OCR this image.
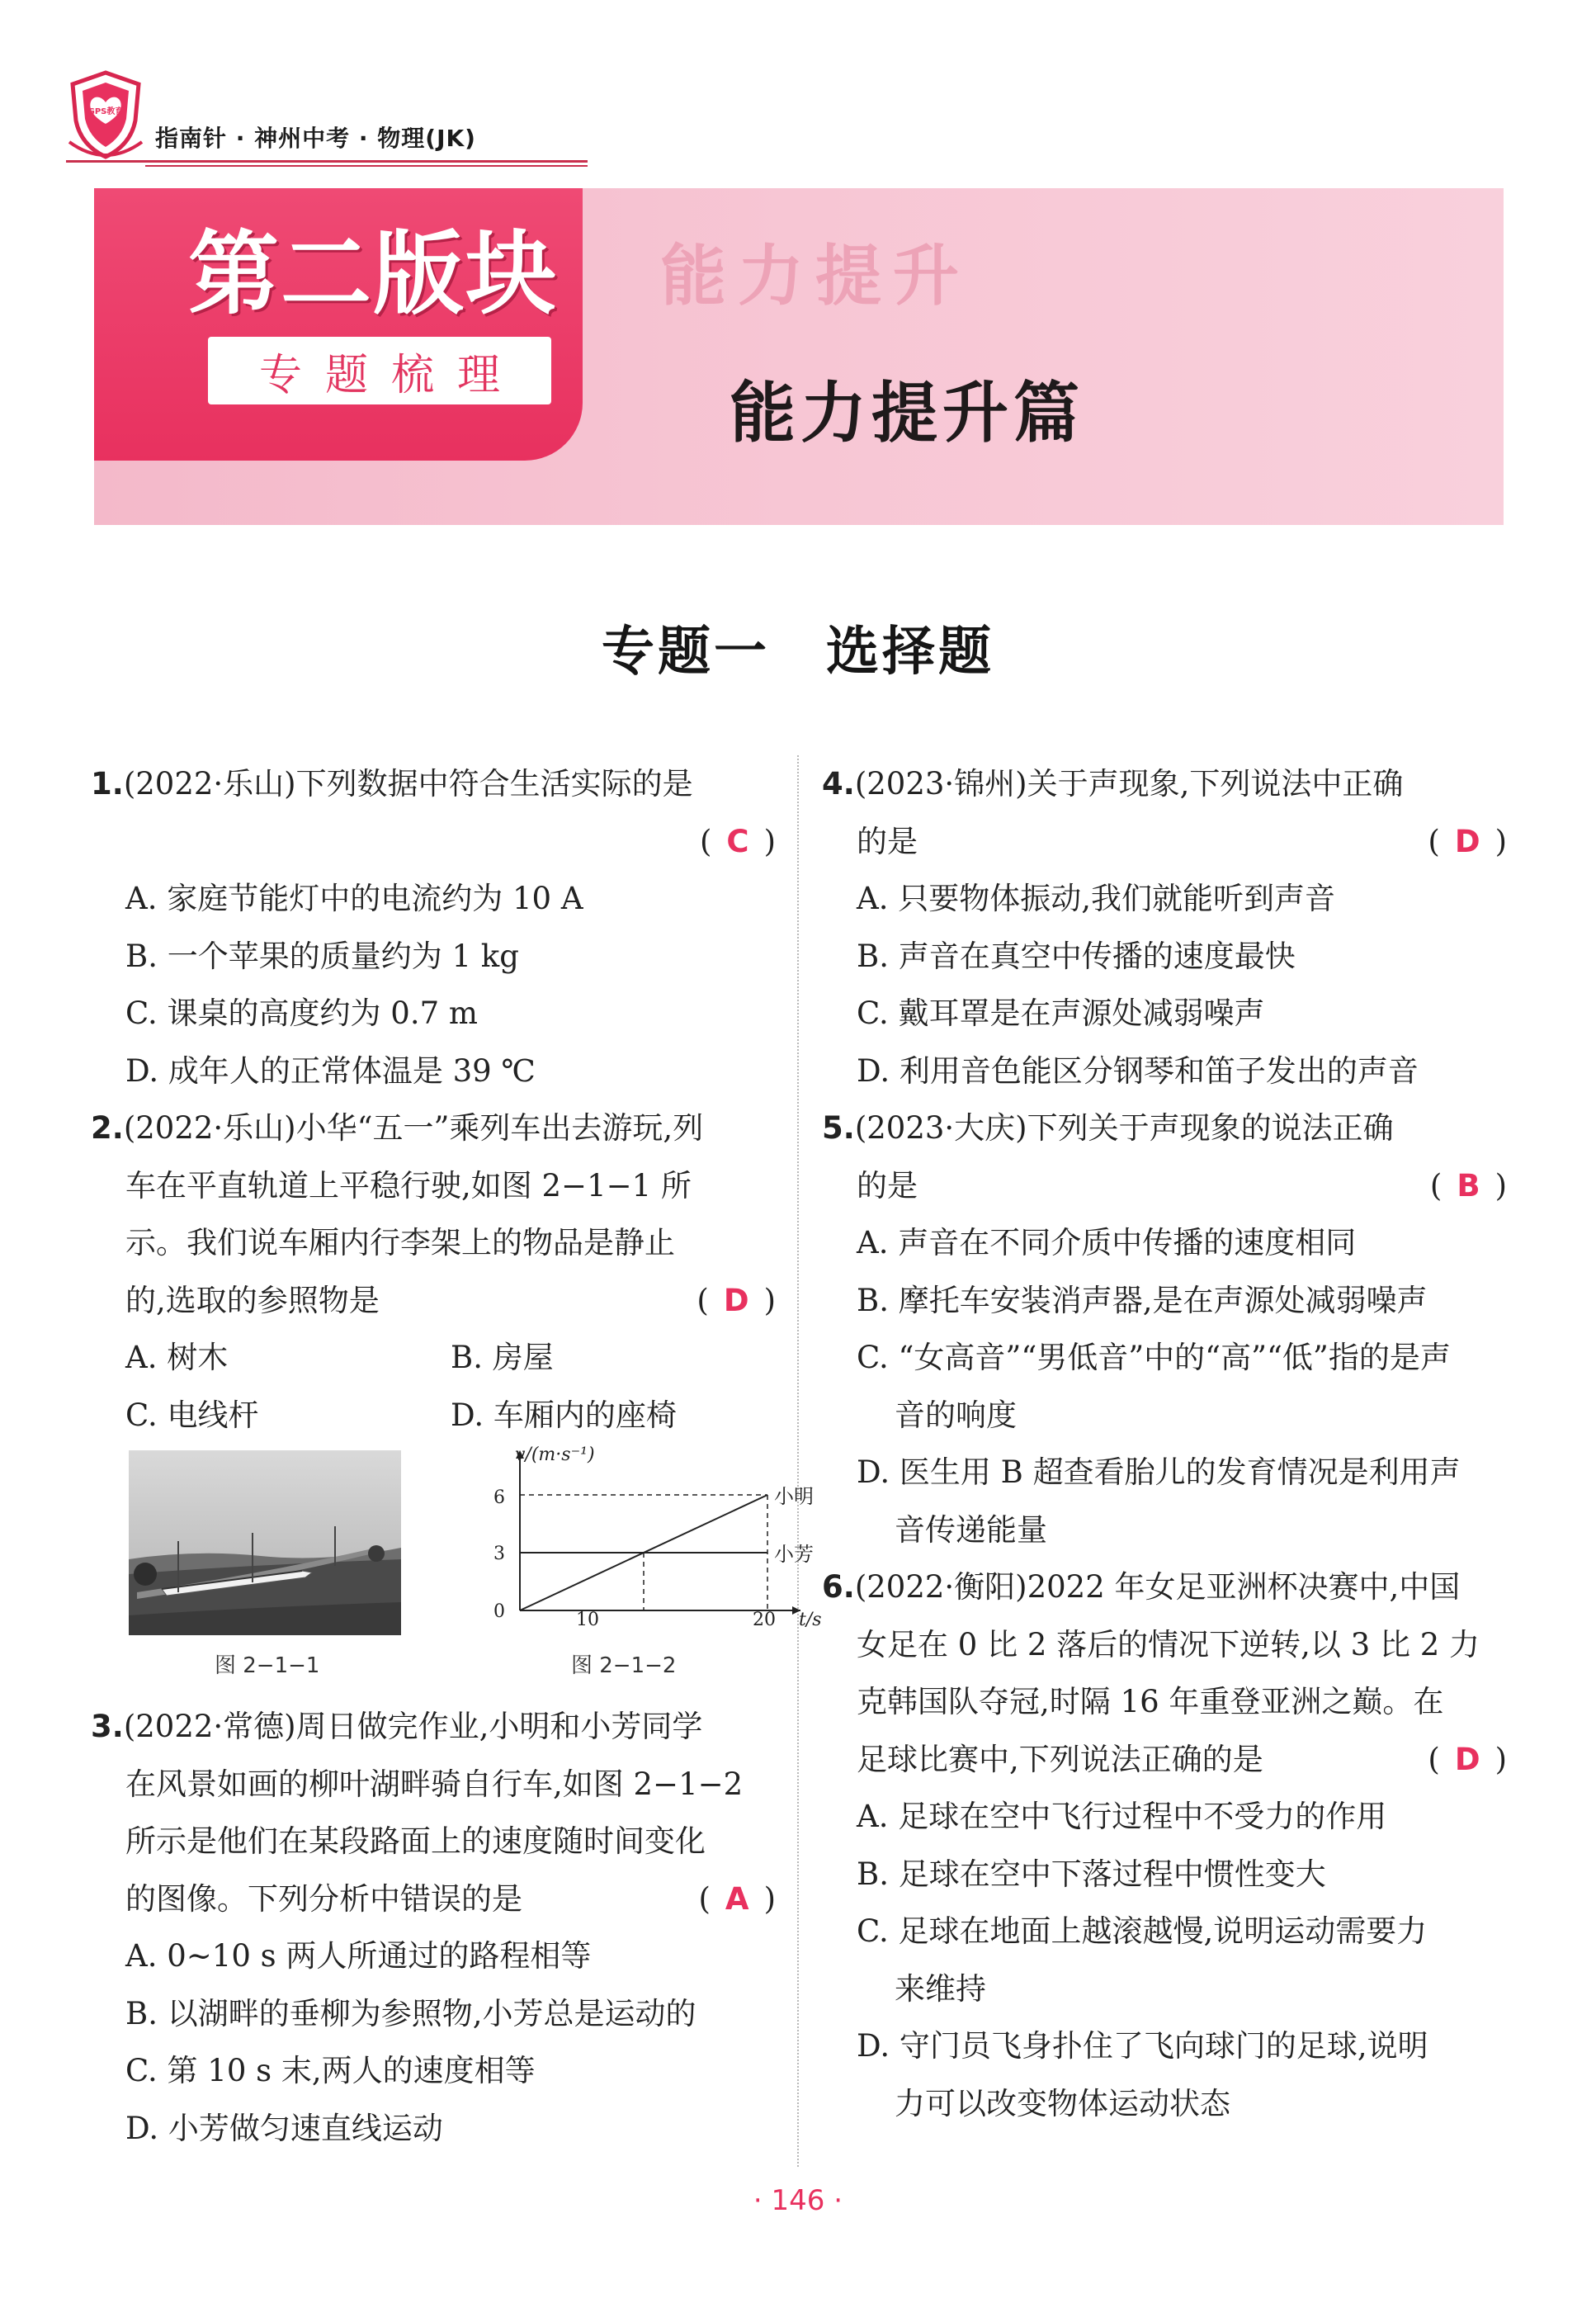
GPS教育
指南针 · 神州中考 · 物理(JK)
能力提升
第二版块
专题梳理	能力提升篇
专题一　选择题
1.(2022·乐山)下列数据中符合生活实际的是
( C )
A. 家庭节能灯中的电流约为 10 A
B. 一个苹果的质量约为 1 kg
C. 课桌的高度约为 0.7 m
D. 成年人的正常体温是 39 ℃
2.(2022·乐山)小华“五一”乘列车出去游玩,列
车在平直轨道上平稳行驶,如图 2−1−1 所
示。我们说车厢内行李架上的物品是静止
的,选取的参照物是	( D )
A. 树木	B. 房屋
C. 电线杆	D. 车厢内的座椅
v/(m·s⁻¹)
t/s
6
3
0	10	20
小明
小芳
图 2−1−1	图 2−1−2
3.(2022·常德)周日做完作业,小明和小芳同学
在风景如画的柳叶湖畔骑自行车,如图 2−1−2
所示是他们在某段路面上的速度随时间变化
的图像。下列分析中错误的是	( A )
A. 0~10 s 两人所通过的路程相等
B. 以湖畔的垂柳为参照物,小芳总是运动的
C. 第 10 s 末,两人的速度相等
D. 小芳做匀速直线运动
4.(2023·锦州)关于声现象,下列说法中正确
的是	( D )
A. 只要物体振动,我们就能听到声音
B. 声音在真空中传播的速度最快
C. 戴耳罩是在声源处减弱噪声
D. 利用音色能区分钢琴和笛子发出的声音
5.(2023·大庆)下列关于声现象的说法正确
的是	( B )
A. 声音在不同介质中传播的速度相同
B. 摩托车安装消声器,是在声源处减弱噪声
C. “女高音”“男低音”中的“高”“低”指的是声
音的响度
D. 医生用 B 超查看胎儿的发育情况是利用声
音传递能量
6.(2022·衡阳)2022 年女足亚洲杯决赛中,中国
女足在 0 比 2 落后的情况下逆转,以 3 比 2 力
克韩国队夺冠,时隔 16 年重登亚洲之巅。在
足球比赛中,下列说法正确的是	( D )
A. 足球在空中飞行过程中不受力的作用
B. 足球在空中下落过程中惯性变大
C. 足球在地面上越滚越慢,说明运动需要力
来维持
D. 守门员飞身扑住了飞向球门的足球,说明
力可以改变物体运动状态
· 146 ·
